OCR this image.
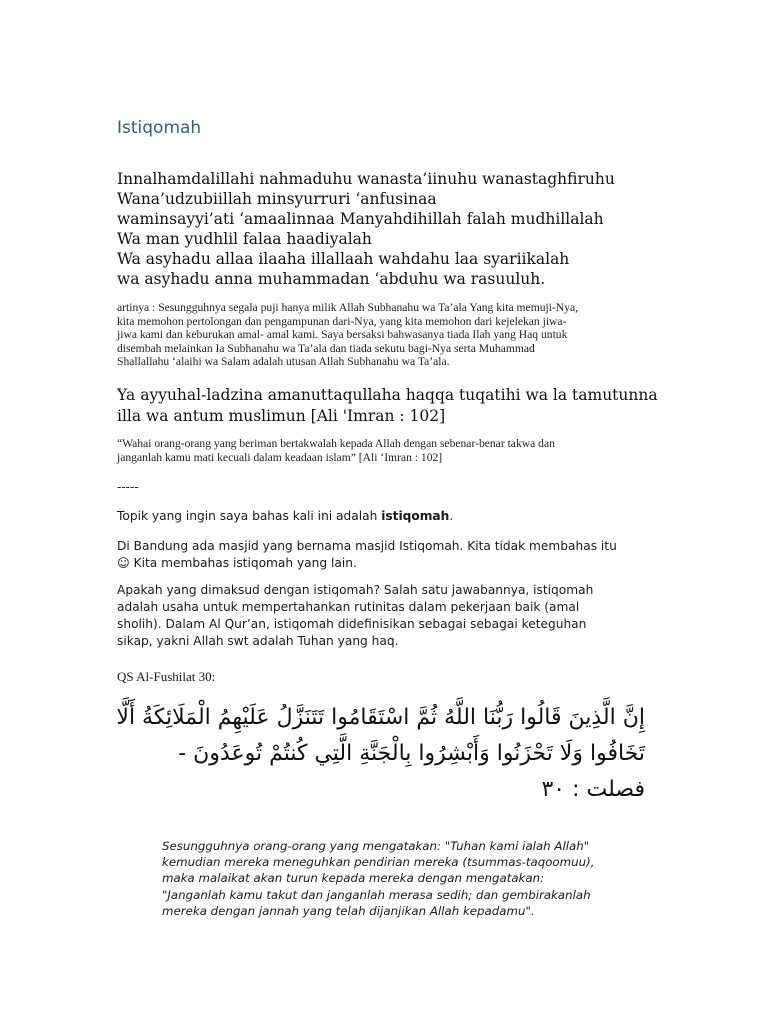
Istiqomah
Innalhamdalillahi nahmaduhu wanasta’iinuhu wanastaghfiruhu
Wana’udzubiillah minsyurruri ‘anfusinaa
waminsayyi’ati ‘amaalinnaa Manyahdihillah falah mudhillalah
Wa man yudhlil falaa haadiyalah
Wa asyhadu allaa ilaaha illallaah wahdahu laa syariikalah
wa asyhadu anna muhammadan ‘abduhu wa rasuuluh.
artinya : Sesungguhnya segala puji hanya milik Allah Subhanahu wa Ta’ala Yang kita memuji-Nya,
kita memohon pertolongan dan pengampunan dari-Nya, yang kita memohon dari kejelekan jiwa-
jiwa kami dan keburukan amal- amal kami. Saya bersaksi bahwasanya tiada Ilah yang Haq untuk
disembah melainkan Ia Subhanahu wa Ta’ala dan tiada sekutu bagi-Nya serta Muhammad
Shallallahu ‘alaihi wa Salam adalah utusan Allah Subhanahu wa Ta’ala.
Ya ayyuhal-ladzina amanuttaqullaha haqqa tuqatihi wa la tamutunna
illa wa antum muslimun [Ali 'Imran : 102]
“Wahai orang-orang yang beriman bertakwalah kepada Allah dengan sebenar-benar takwa dan
janganlah kamu mati kecuali dalam keadaan islam” [Ali ‘Imran : 102]
-----
Topik yang ingin saya bahas kali ini adalah istiqomah.
Di Bandung ada masjid yang bernama masjid Istiqomah. Kita tidak membahas itu
☺ Kita membahas istiqomah yang lain.
Apakah yang dimaksud dengan istiqomah? Salah satu jawabannya, istiqomah
adalah usaha untuk mempertahankan rutinitas dalam pekerjaan baik (amal
sholih). Dalam Al Qur’an, istiqomah didefinisikan sebagai sebagai keteguhan
sikap, yakni Allah swt adalah Tuhan yang haq.
QS Al-Fushilat 30:
إِنَّ الَّذِينَ قَالُوا رَبُّنَا اللَّهُ ثُمَّ اسْتَقَامُوا تَتَنَزَّلُ عَلَيْهِمُ الْمَلَائِكَةُ أَلَّا
تَخَافُوا وَلَا تَحْزَنُوا وَأَبْشِرُوا بِالْجَنَّةِ الَّتِي كُنتُمْ تُوعَدُونَ -
فصلت : ٣٠
Sesungguhnya orang-orang yang mengatakan: "Tuhan kami ialah Allah"
kemudian mereka meneguhkan pendirian mereka (tsummas-taqoomuu),
maka malaikat akan turun kepada mereka dengan mengatakan:
"Janganlah kamu takut dan janganlah merasa sedih; dan gembirakanlah
mereka dengan jannah yang telah dijanjikan Allah kepadamu".
